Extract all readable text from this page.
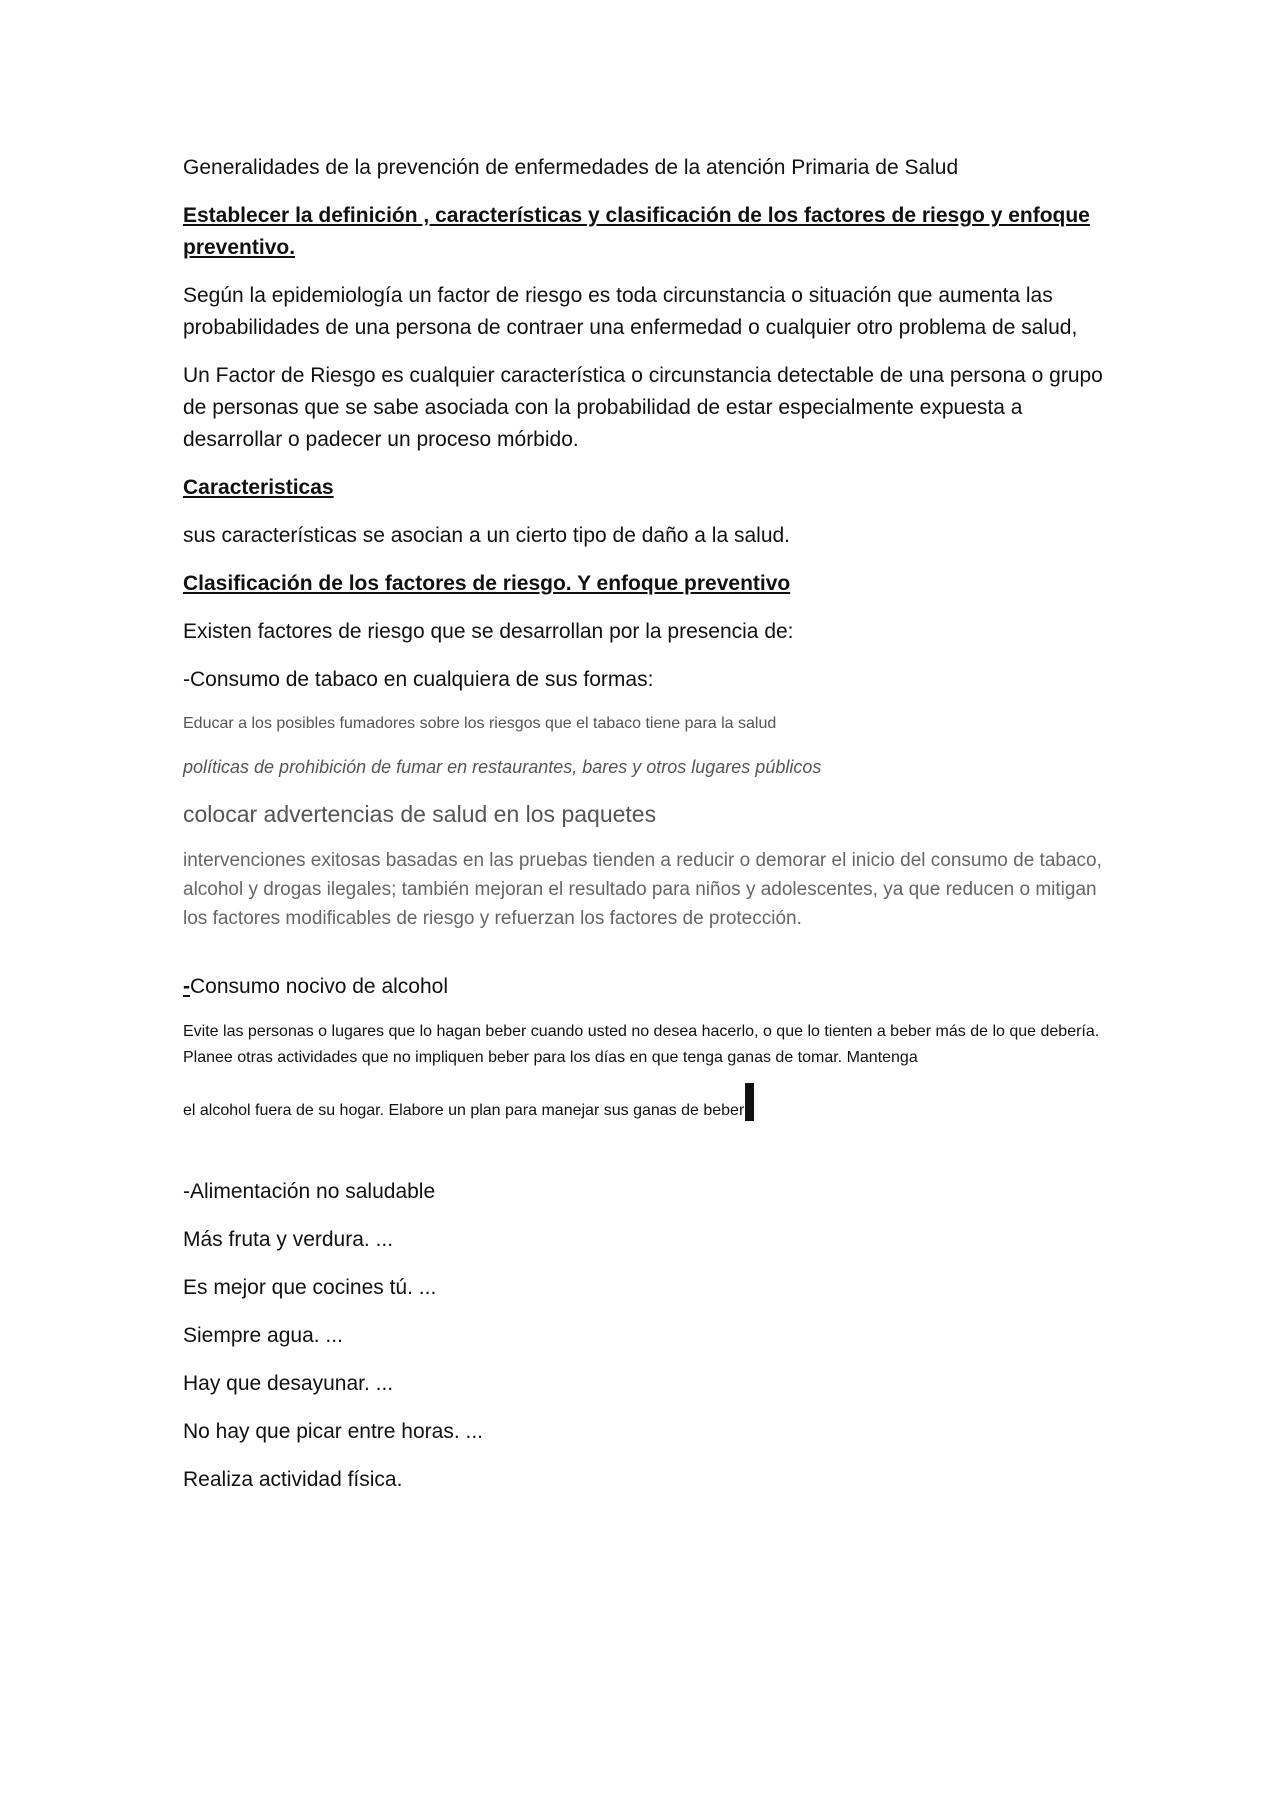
Generalidades de la prevención de enfermedades de la atención Primaria de Salud

Establecer la definición , características y clasificación de los factores de riesgo y enfoque preventivo.

Según la epidemiología un factor de riesgo es toda circunstancia o situación que aumenta las probabilidades de una persona de contraer una enfermedad o cualquier otro problema de salud,

Un Factor de Riesgo es cualquier característica o circunstancia detectable de una persona o grupo de personas que se sabe asociada con la probabilidad de estar especialmente expuesta a desarrollar o padecer un proceso mórbido.

Caracteristicas

sus características se asocian a un cierto tipo de daño a la salud.

Clasificación de los factores de riesgo. Y enfoque preventivo

Existen factores de riesgo que se desarrollan por la presencia de:

-Consumo de tabaco en cualquiera de sus formas:

Educar a los posibles fumadores sobre los riesgos que el tabaco tiene para la salud

políticas de prohibición de fumar en restaurantes, bares y otros lugares públicos

colocar advertencias de salud en los paquetes

intervenciones exitosas basadas en las pruebas tienden a reducir o demorar el inicio del consumo de tabaco, alcohol y drogas ilegales; también mejoran el resultado para niños y adolescentes, ya que reducen o mitigan los factores modificables de riesgo y refuerzan los factores de protección.

-Consumo nocivo de alcohol

Evite las personas o lugares que lo hagan beber cuando usted no desea hacerlo, o que lo tienten a beber más de lo que debería. Planee otras actividades que no impliquen beber para los días en que tenga ganas de tomar. Mantenga
el alcohol fuera de su hogar. Elabore un plan para manejar sus ganas de beber

-Alimentación no saludable

Más fruta y verdura. ...

Es mejor que cocines tú. ...

Siempre agua. ...

Hay que desayunar. ...

No hay que picar entre horas. ...

Realiza actividad física.
